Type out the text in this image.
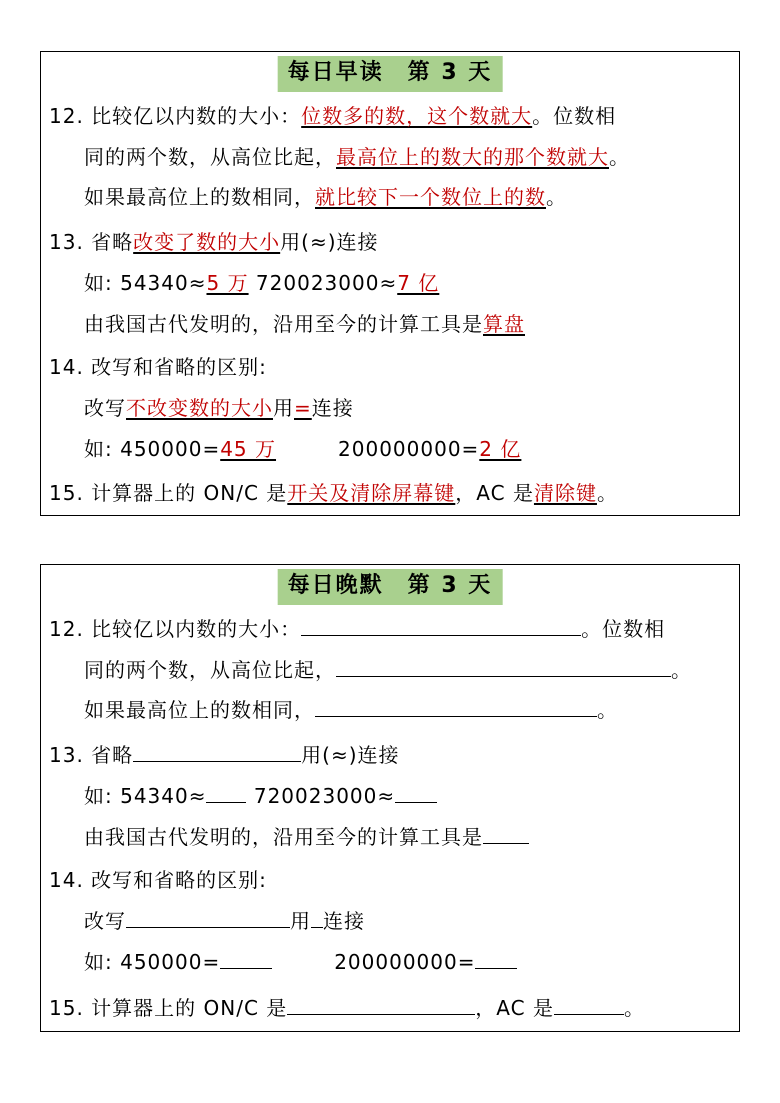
每日早读　第 3 天
12. 比较亿以内数的大小：位数多的数，这个数就大。位数相
同的两个数，从高位比起，最高位上的数大的那个数就大。
如果最高位上的数相同，就比较下一个数位上的数。
13. 省略改变了数的大小用(≈)连接
如: 54340≈5 万 720023000≈7 亿
由我国古代发明的，沿用至今的计算工具是算盘
14. 改写和省略的区别:
改写不改变数的大小用=连接
如: 450000=45 万	200000000=2 亿
15. 计算器上的 ON/C 是开关及清除屏幕键，AC 是清除键。
每日晚默　第 3 天
12. 比较亿以内数的大小：	。位数相
同的两个数，从高位比起，	。
如果最高位上的数相同，	。
13. 省略	用(≈)连接
如: 54340≈ 720023000≈
由我国古代发明的，沿用至今的计算工具是
14. 改写和省略的区别:
改写	用 连接
如: 450000=	200000000=
15. 计算器上的 ON/C 是	，AC 是	。
